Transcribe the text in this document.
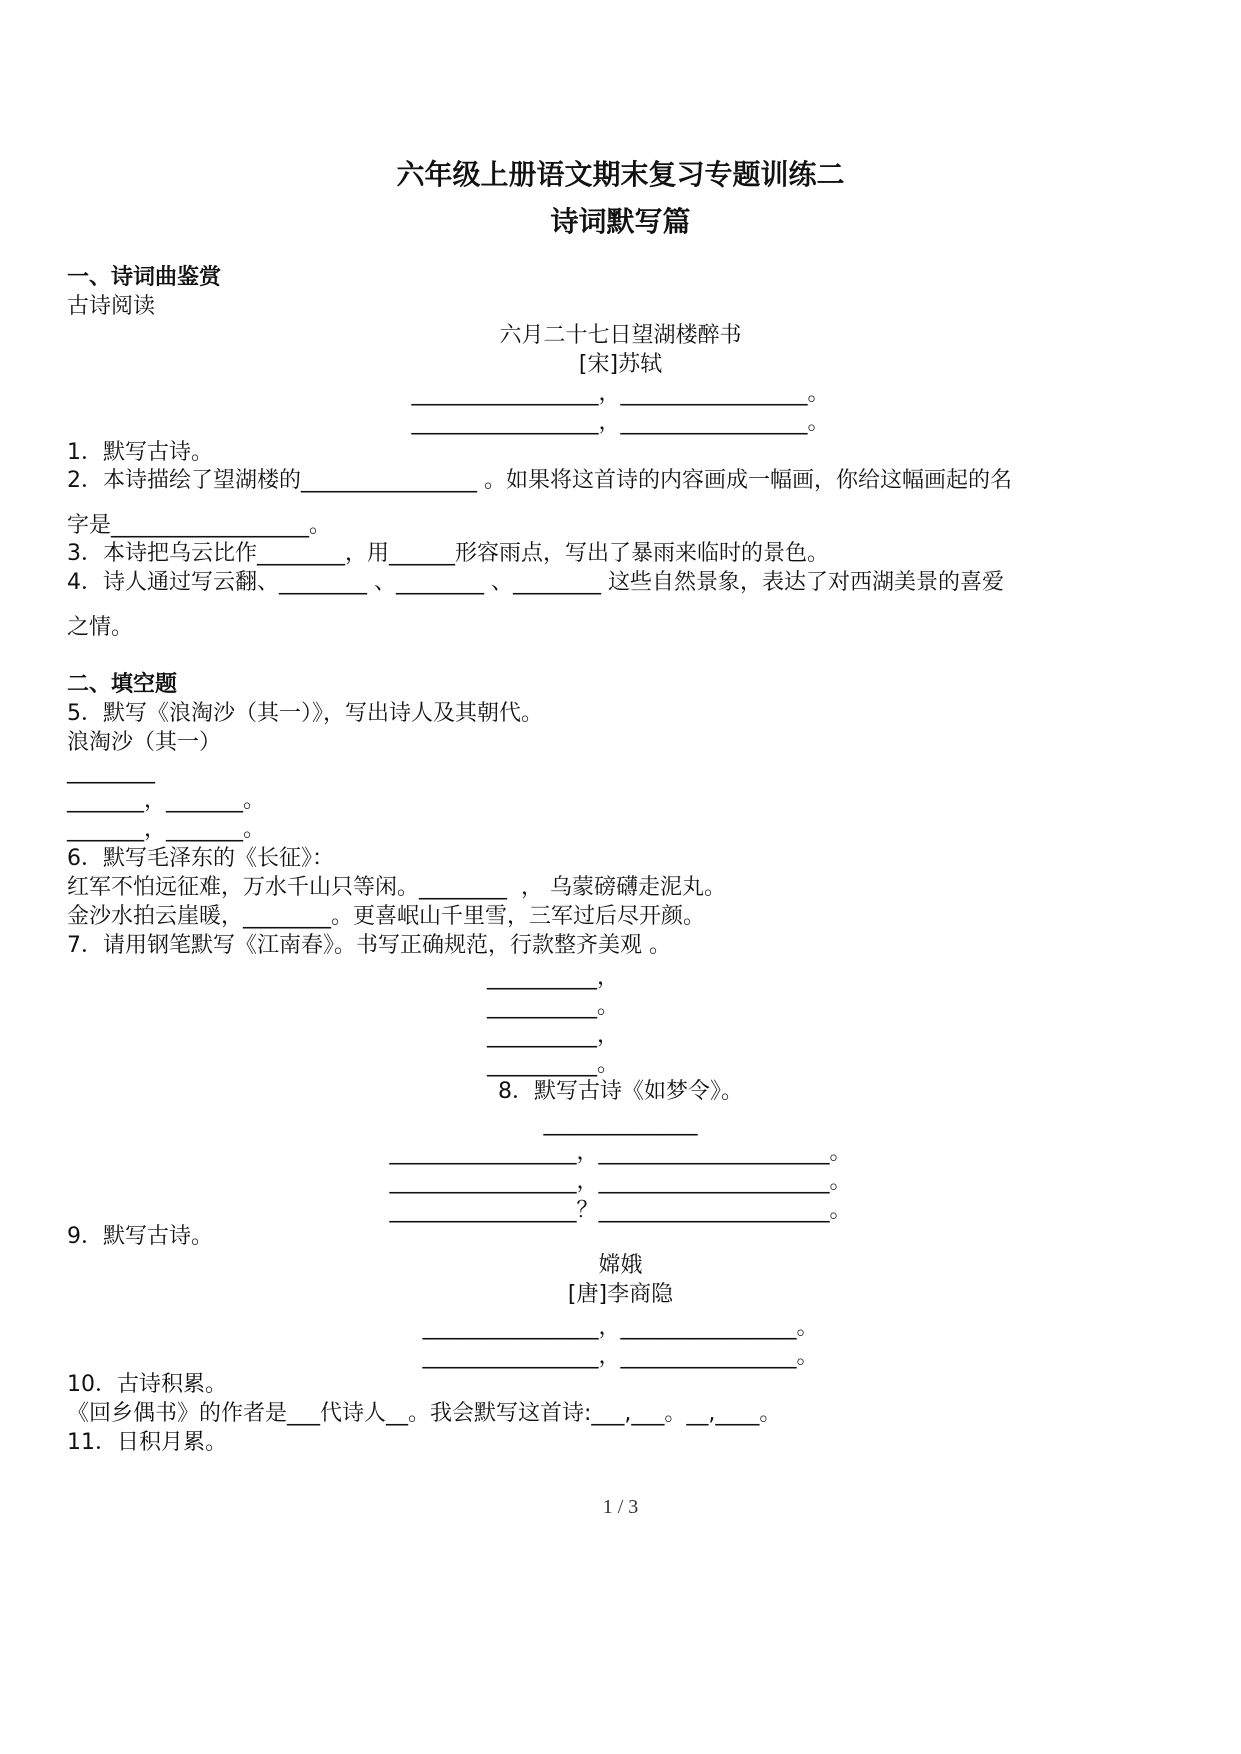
六年级上册语文期末复习专题训练二
诗词默写篇
一、诗词曲鉴赏
古诗阅读
六月二十七日望湖楼醉书
[宋]苏轼
_________________，_________________。
_________________，_________________。
1．默写古诗。
2．本诗描绘了望湖楼的________________ 。如果将这首诗的内容画成一幅画，你给这幅画起的名
字是__________________。
3．本诗把乌云比作________，用______形容雨点，写出了暴雨来临时的景色。
4．诗人通过写云翻、________ 、________ 、________ 这些自然景象，表达了对西湖美景的喜爱
之情。
二、填空题
5．默写《浪淘沙（其一）》，写出诗人及其朝代。
浪淘沙（其一）
________
_______，_______。
_______，_______。
6．默写毛泽东的《长征》：
红军不怕远征难，万水千山只等闲。________  ， 乌蒙磅礴走泥丸。
金沙水拍云崖暖，________。更喜岷山千里雪，三军过后尽开颜。
7．请用钢笔默写《江南春》。书写正确规范，行款整齐美观 。
__________，
__________。
__________，
__________。
8．默写古诗《如梦令》。
______________
_________________，_____________________。
_________________，_____________________。
_________________？_____________________。
9．默写古诗。
嫦娥
[唐]李商隐
________________，________________。
________________，________________。
10．古诗积累。
《回乡偶书》的作者是___代诗人__。我会默写这首诗:___,___。__,____。
11．日积月累。
1 / 3
